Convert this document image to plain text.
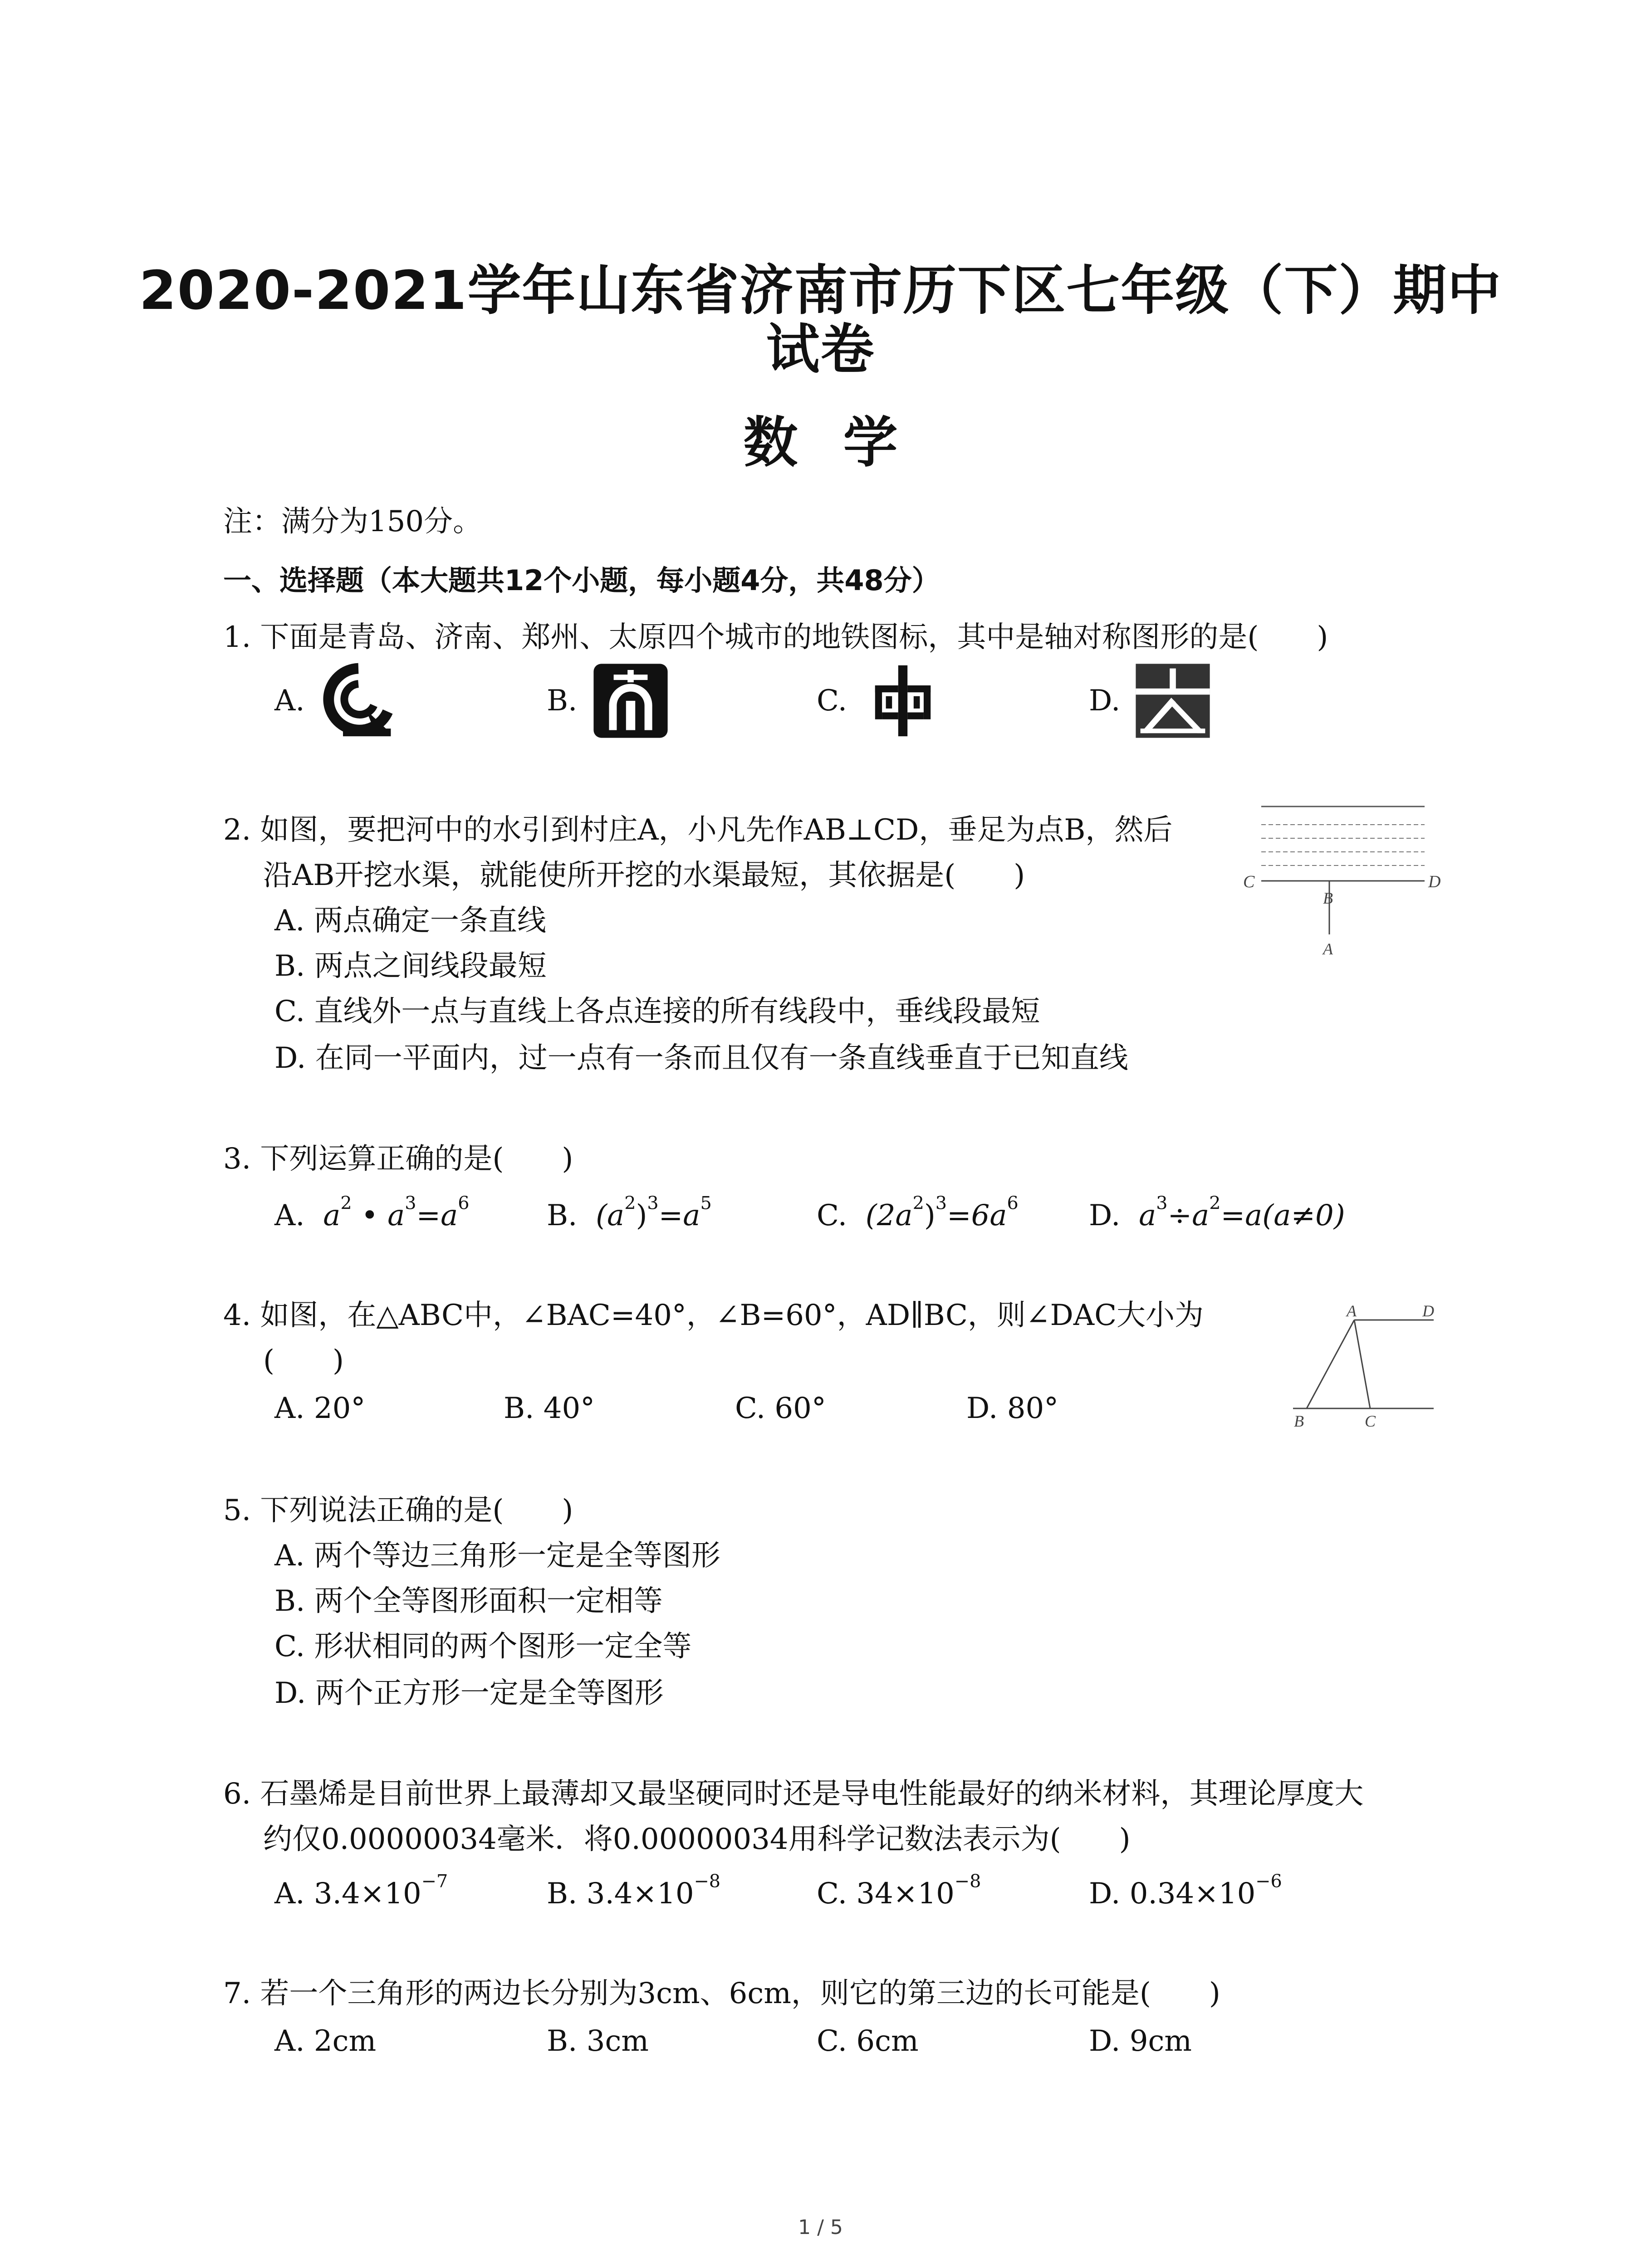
2020-2021学年山东省济南市历下区七年级（下）期中
试卷
数学
注：满分为150分。
一、选择题（本大题共12个小题，每小题4分，共48分）
1. 下面是青岛、济南、郑州、太原四个城市的地铁图标，其中是轴对称图形的是(　　)
A.	B.	C.	D.
2. 如图，要把河中的水引到村庄A，小凡先作AB⊥CD，垂足为点B，然后
沿AB开挖水渠，就能使所开挖的水渠最短，其依据是(　　)
A. 两点确定一条直线
B. 两点之间线段最短
C. 直线外一点与直线上各点连接的所有线段中，垂线段最短
D. 在同一平面内，过一点有一条而且仅有一条直线垂直于已知直线
C
B
D
A
3. 下列运算正确的是(　　)
A. $a^2$ • $a^3=a^6$	B. $(a^2)^3=a^5$	C. $(2a^2)^3=6a^6$ D. $a^3\div a^2=a(a\ne 0)$
4. 如图，在△ABC中，∠BAC=40°，∠B=60°，AD∥BC，则∠DAC大小为
(　　)
A. 20°	B. 40°	C. 60°	D. 80°
A	D
B	C
5. 下列说法正确的是(　　)
A. 两个等边三角形一定是全等图形
B. 两个全等图形面积一定相等
C. 形状相同的两个图形一定全等
D. 两个正方形一定是全等图形
6. 石墨烯是目前世界上最薄却又最坚硬同时还是导电性能最好的纳米材料，其理论厚度大
约仅0.00000034毫米．将0.00000034用科学记数法表示为(　　)
A. $3.4\times 10^{-7}$	B. $3.4\times 10^{-8}$	C. $34\times 10^{-8}$	D. $0.34\times 10^{-6}$
7. 若一个三角形的两边长分别为3cm、6cm，则它的第三边的长可能是(　　)
A. 2cm	B. 3cm	C. 6cm	D. 9cm
1 / 5
